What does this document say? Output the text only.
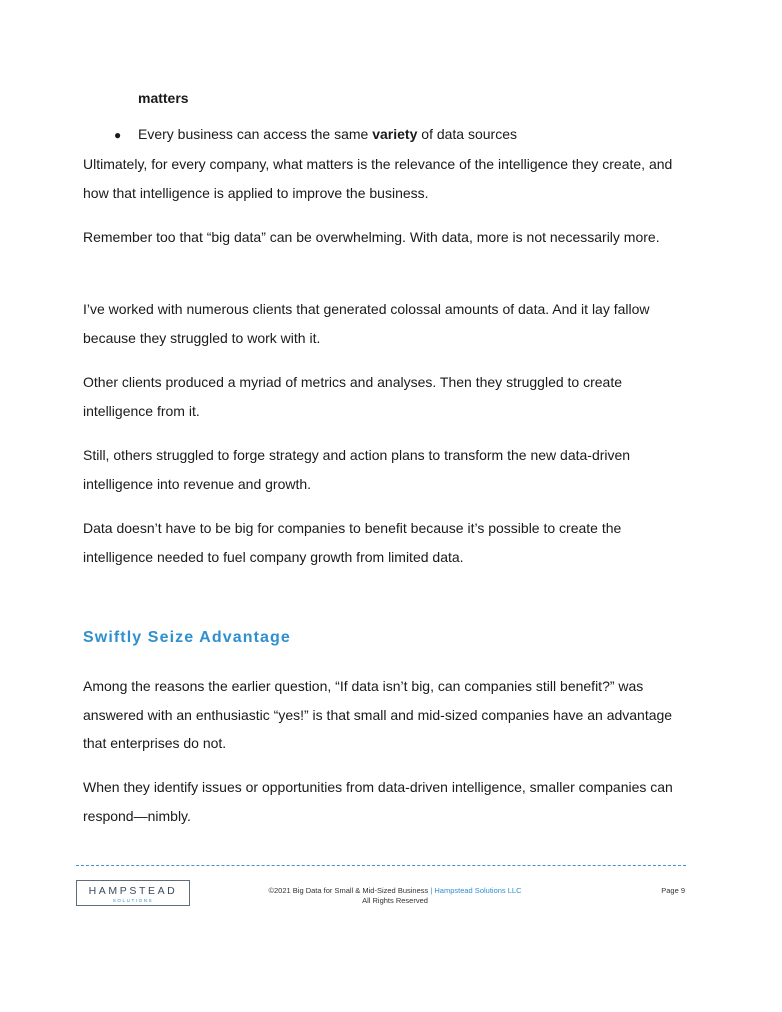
matters
●	Every business can access the same variety of data sources

Ultimately, for every company, what matters is the relevance of the intelligence they create, and how that intelligence is applied to improve the business.

Remember too that “big data” can be overwhelming. With data, more is not necessarily more.

I’ve worked with numerous clients that generated colossal amounts of data. And it lay fallow because they struggled to work with it.

Other clients produced a myriad of metrics and analyses. Then they struggled to create intelligence from it.

Still, others struggled to forge strategy and action plans to transform the new data-driven intelligence into revenue and growth.

Data doesn’t have to be big for companies to benefit because it’s possible to create the intelligence needed to fuel company growth from limited data.

Swiftly Seize Advantage

Among the reasons the earlier question, “If data isn’t big, can companies still benefit?” was answered with an enthusiastic “yes!” is that small and mid-sized companies have an advantage that enterprises do not.

When they identify issues or opportunities from data-driven intelligence, smaller companies can respond—nimbly.

HAMPSTEAD
SOLUTIONS
©2021 Big Data for Small & Mid-Sized Business | Hampstead Solutions LLC
All Rights Reserved
Page 9
